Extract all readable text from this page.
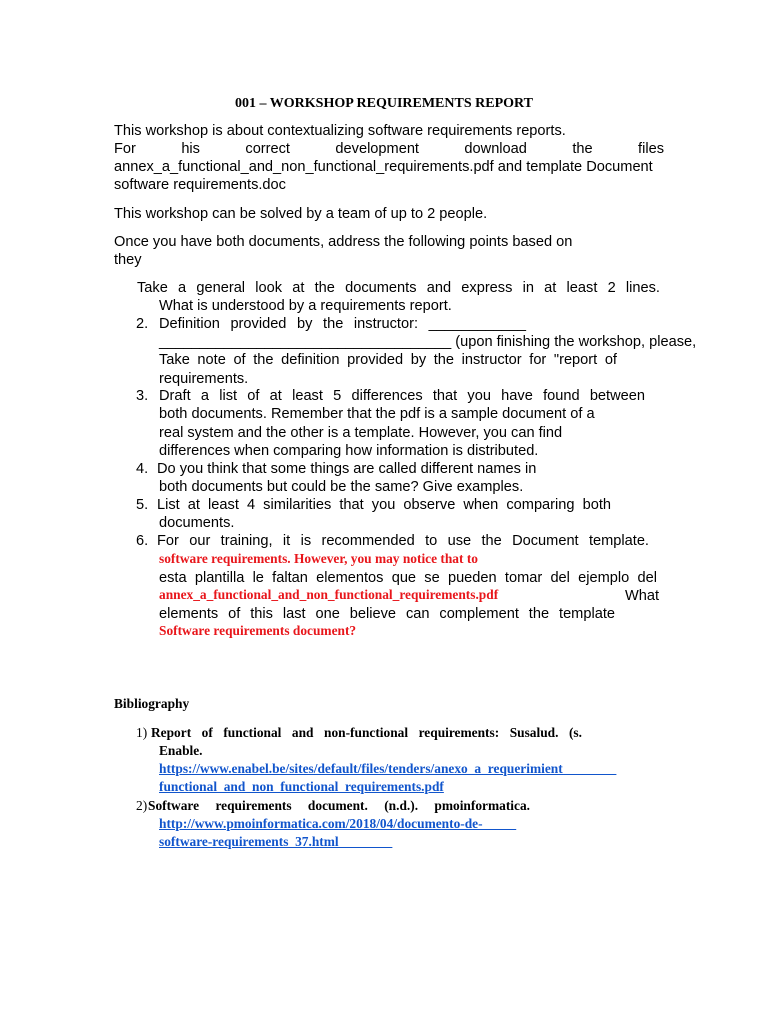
001 – WORKSHOP REQUIREMENTS REPORT
This workshop is about contextualizing software requirements reports.
For	his	correct	development	download	the	files
annex_a_functional_and_non_functional_requirements.pdf and template Document
software requirements.doc
This workshop can be solved by a team of up to 2 people.
Once you have both documents, address the following points based on
they
Take a general look at the documents and express in at least 2 lines.
What is understood by a requirements report.
2. Definition provided by the instructor: ____________
____________________________________ (upon finishing the workshop, please,
Take note of the definition provided by the instructor for "report of
requirements.
3. Draft a list of at least 5 differences that you have found between
both documents. Remember that the pdf is a sample document of a
real system and the other is a template. However, you can find
differences when comparing how information is distributed.
4. Do you think that some things are called different names in
both documents but could be the same? Give examples.
5. List at least 4 similarities that you observe when comparing both
documents.
6. For our training, it is recommended to use the Document template.
software requirements. However, you may notice that to
esta plantilla le faltan elementos que se pueden tomar del ejemplo del
annex_a_functional_and_non_functional_requirements.pdf	What
elements of this last one believe can complement the template
Software requirements document?
Bibliography
1) Report of functional and non-functional requirements: Susalud. (s.
Enable.
https://www.enabel.be/sites/default/files/tenders/anexo_a_requerimient________
functional_and_non_functional_requirements.pdf
2) Software requirements document. (n.d.). pmoinformatica.
http://www.pmoinformatica.com/2018/04/documento-de-_____
software-requirements_37.html________
